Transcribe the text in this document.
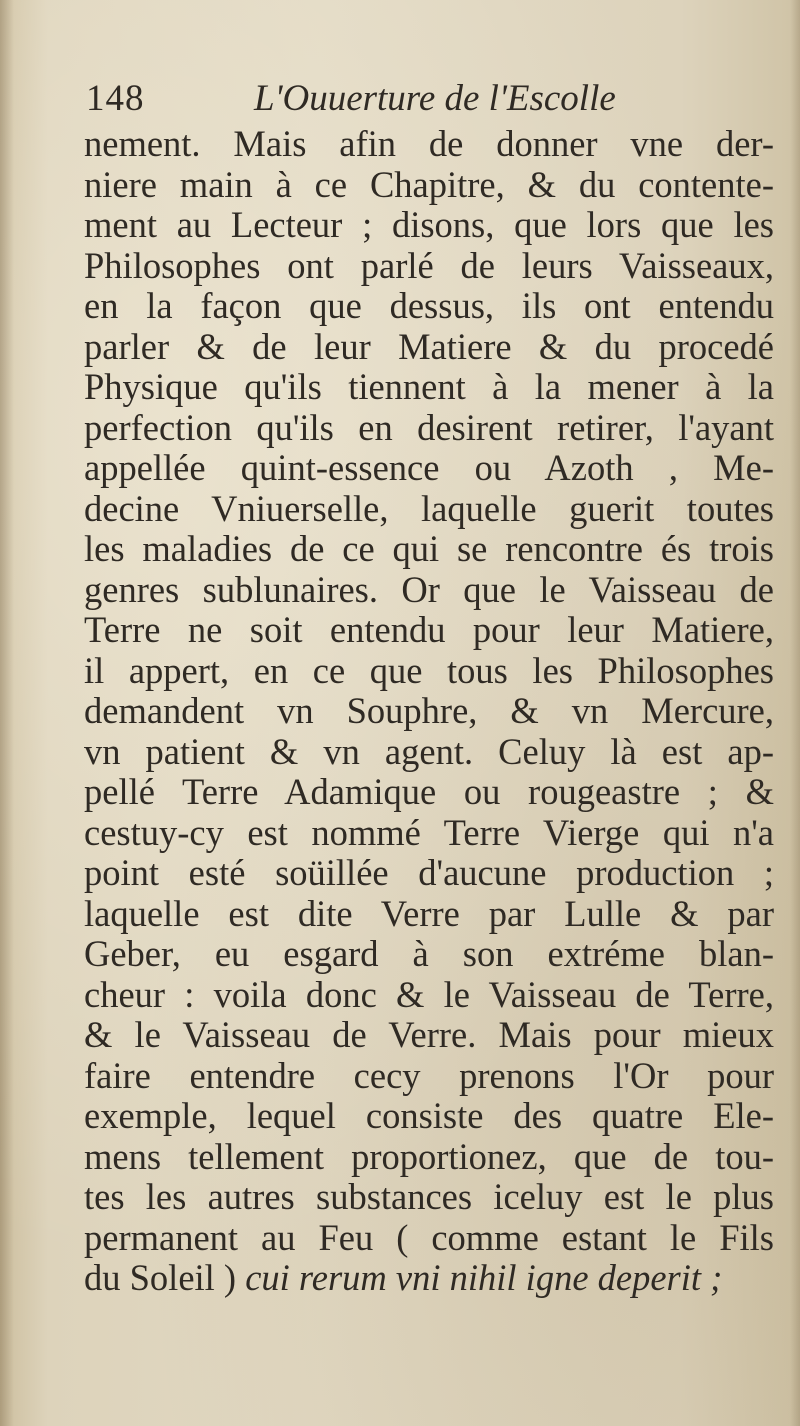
148	L'Ouuerture de l'Escolle
nement. Mais afin de donner vne der-
niere main à ce Chapitre, & du contente-
ment au Lecteur ; disons, que lors que les
Philosophes ont parlé de leurs Vaisseaux,
en la façon que dessus, ils ont entendu
parler & de leur Matiere & du procedé
Physique qu'ils tiennent à la mener à la
perfection qu'ils en desirent retirer, l'ayant
appellée quint-essence ou Azoth , Me-
decine Vniuerselle, laquelle guerit toutes
les maladies de ce qui se rencontre és trois
genres sublunaires. Or que le Vaisseau de
Terre ne soit entendu pour leur Matiere,
il appert, en ce que tous les Philosophes
demandent vn Souphre, & vn Mercure,
vn patient & vn agent. Celuy là est ap-
pellé Terre Adamique ou rougeastre ; &
cestuy-cy est nommé Terre Vierge qui n'a
point esté soüillée d'aucune production ;
laquelle est dite Verre par Lulle & par
Geber, eu esgard à son extréme blan-
cheur : voila donc & le Vaisseau de Terre,
& le Vaisseau de Verre. Mais pour mieux
faire entendre cecy prenons l'Or pour
exemple, lequel consiste des quatre Ele-
mens tellement proportionez, que de tou-
tes les autres substances iceluy est le plus
permanent au Feu ( comme estant le Fils
du Soleil ) cui rerum vni nihil igne deperit ;
